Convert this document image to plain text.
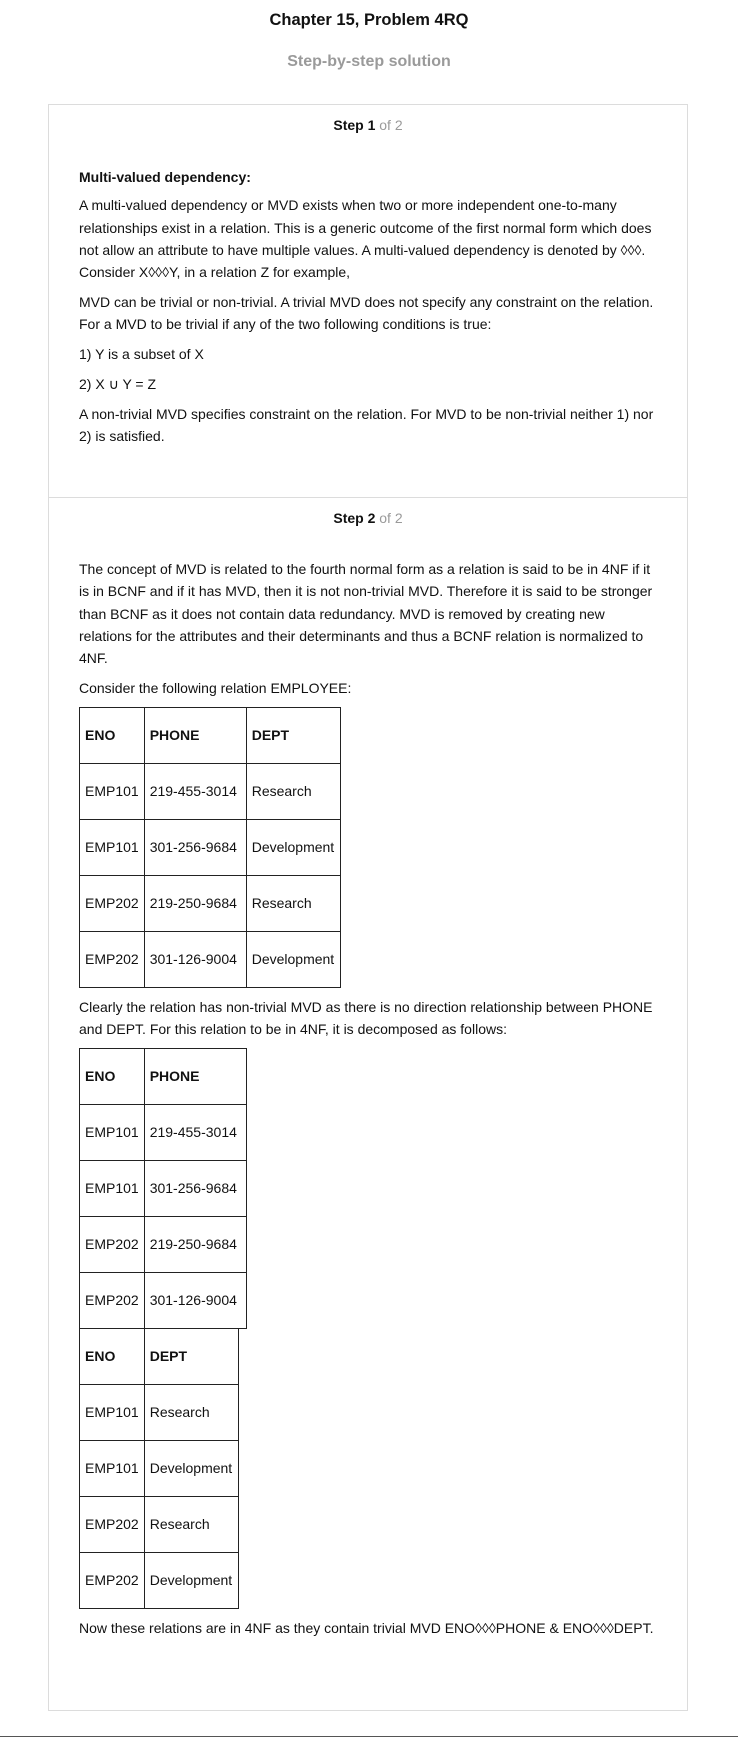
Chapter 15, Problem 4RQ
Step-by-step solution
Step 1 of 2
Multi-valued dependency:

A multi-valued dependency or MVD exists when two or more independent one-to-many relationships exist in a relation. This is a generic outcome of the first normal form which does not allow an attribute to have multiple values. A multi-valued dependency is denoted by ◊◊◊. Consider X◊◊◊Y, in a relation Z for example,

MVD can be trivial or non-trivial. A trivial MVD does not specify any constraint on the relation. For a MVD to be trivial if any of the two following conditions is true:

1) Y is a subset of X

2) X ∪ Y = Z

A non-trivial MVD specifies constraint on the relation. For MVD to be non-trivial neither 1) nor 2) is satisfied.

Step 2 of 2

The concept of MVD is related to the fourth normal form as a relation is said to be in 4NF if it is in BCNF and if it has MVD, then it is not non-trivial MVD. Therefore it is said to be stronger than BCNF as it does not contain data redundancy. MVD is removed by creating new relations for the attributes and their determinants and thus a BCNF relation is normalized to 4NF.

Consider the following relation EMPLOYEE:

ENO	PHONE	DEPT
EMP101	219-455-3014	Research
EMP101	301-256-9684	Development
EMP202	219-250-9684	Research
EMP202	301-126-9004	Development

Clearly the relation has non-trivial MVD as there is no direction relationship between PHONE and DEPT. For this relation to be in 4NF, it is decomposed as follows:

ENO	PHONE
EMP101	219-455-3014
EMP101	301-256-9684
EMP202	219-250-9684
EMP202	301-126-9004
ENO	DEPT
EMP101	Research
EMP101	Development
EMP202	Research
EMP202	Development

Now these relations are in 4NF as they contain trivial MVD ENO◊◊◊PHONE & ENO◊◊◊DEPT.
